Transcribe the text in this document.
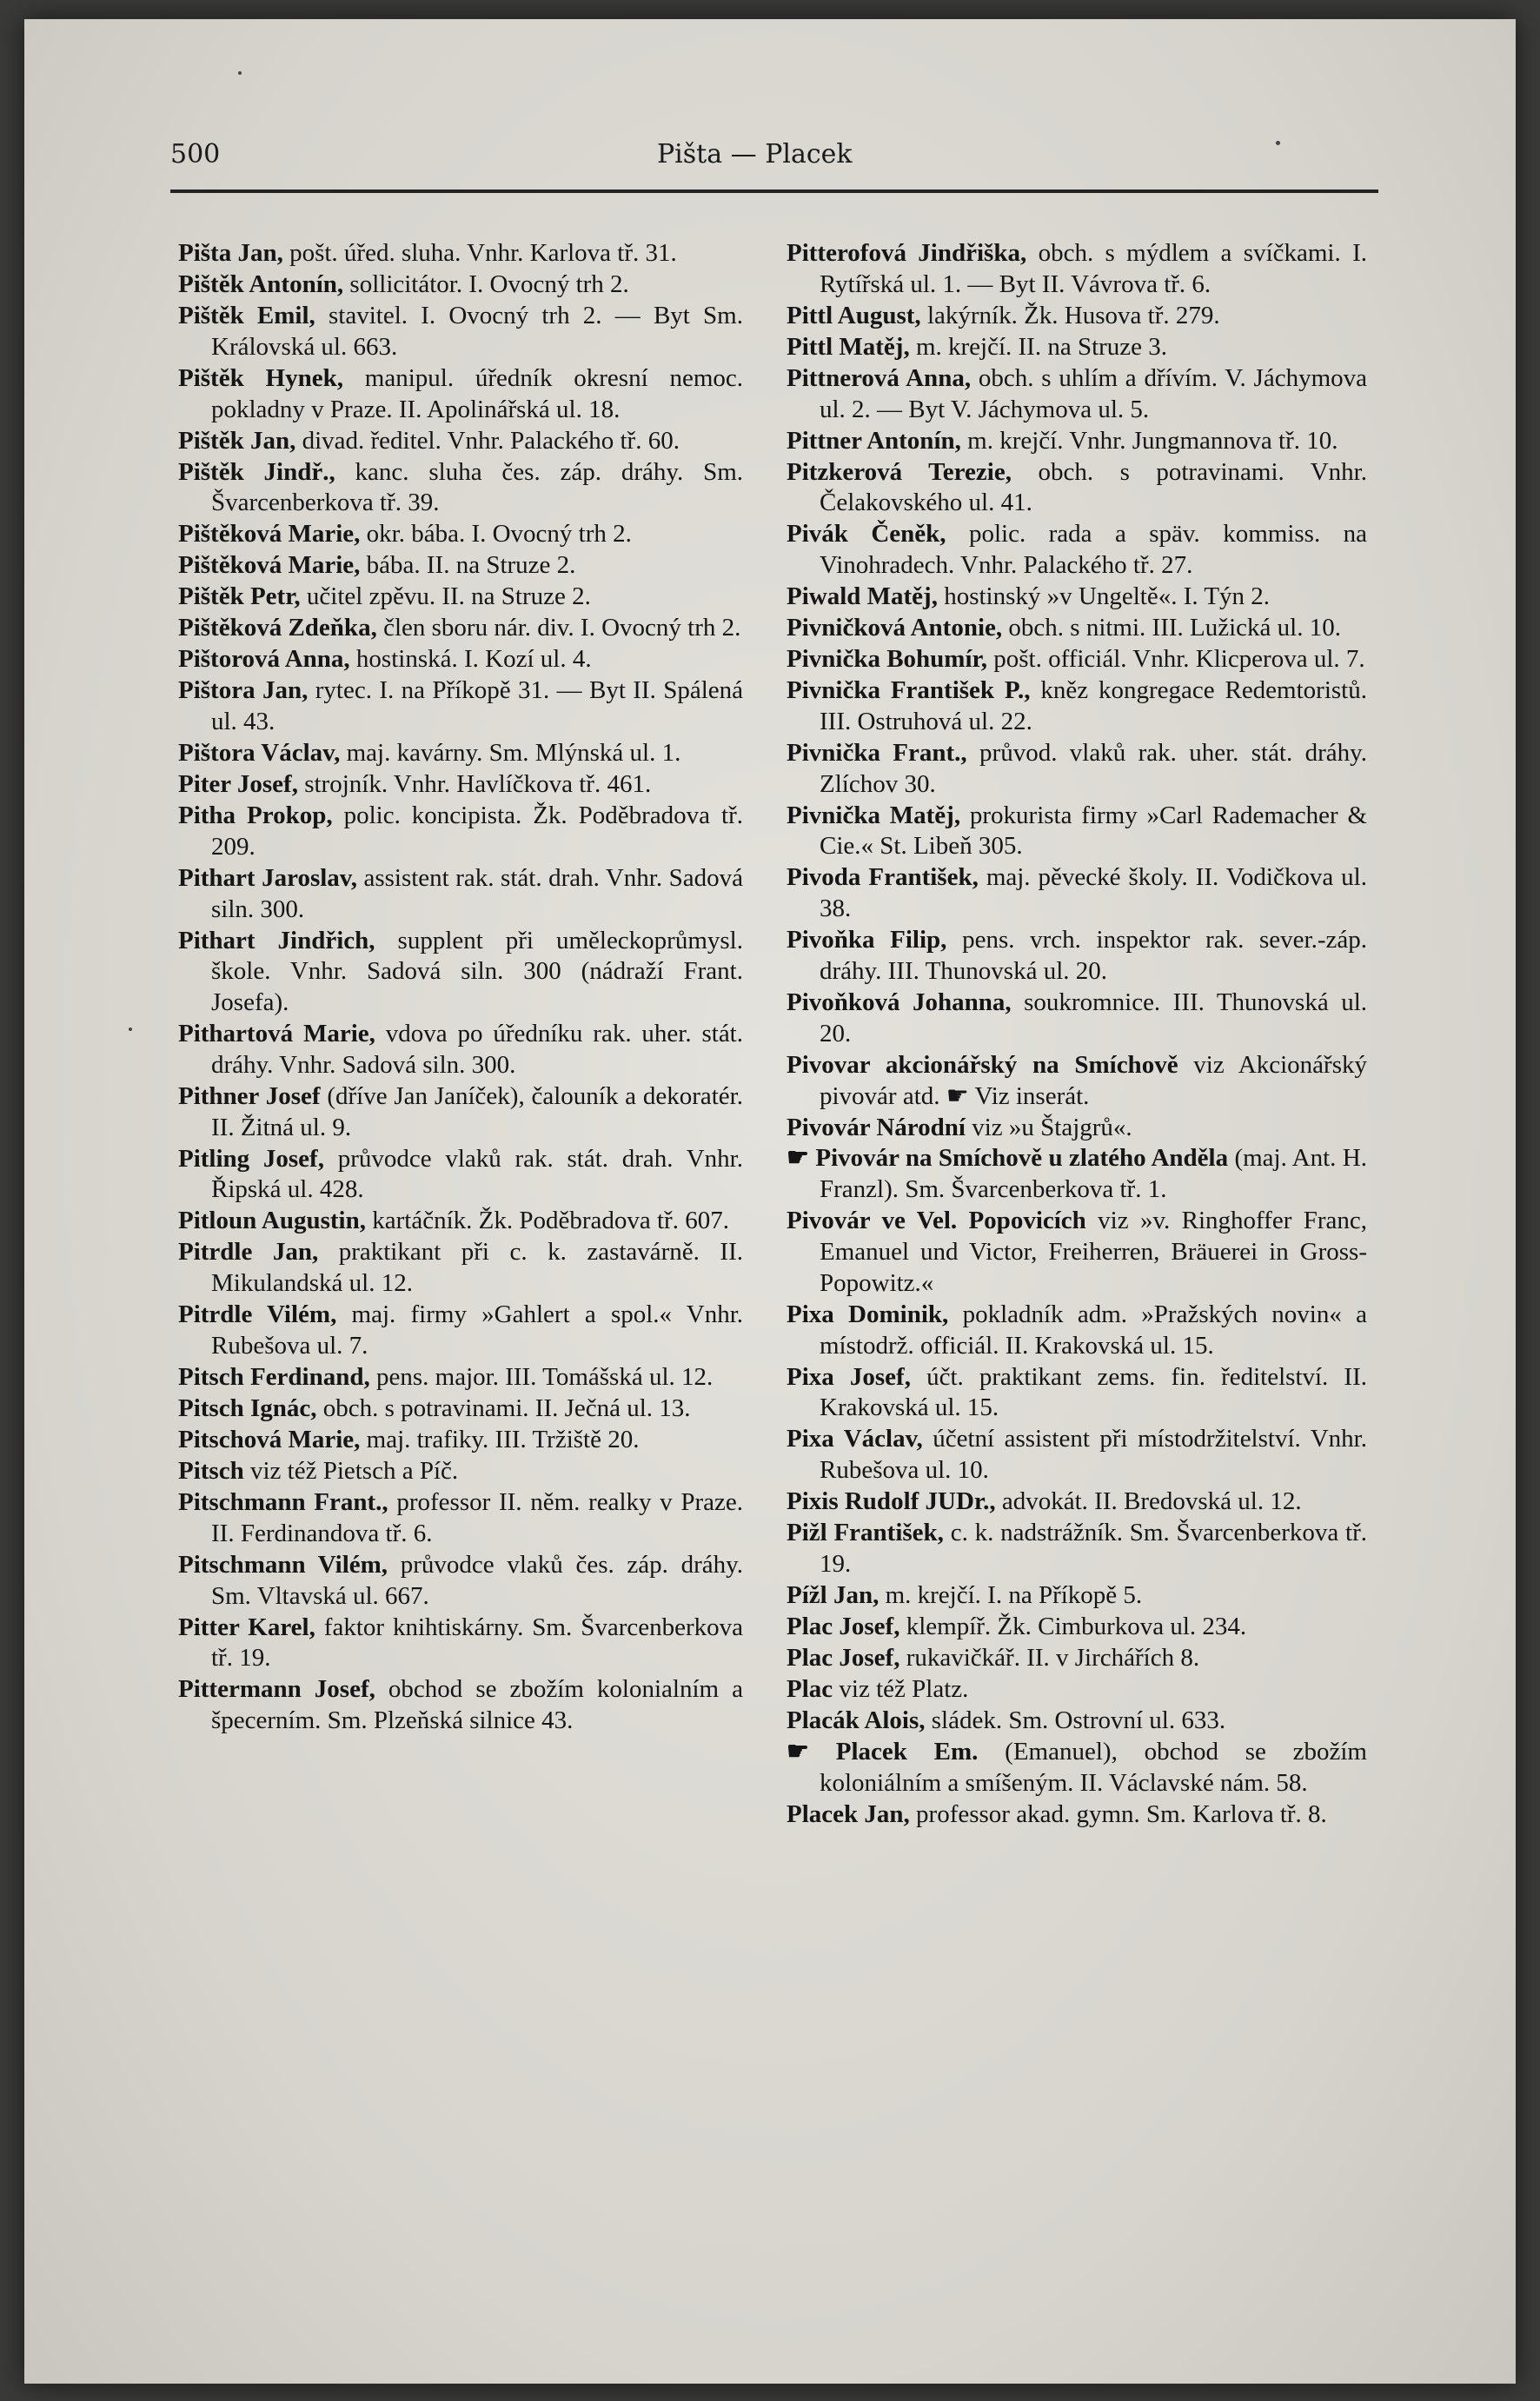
500	Pišta — Placek

Pišta Jan, pošt. úřed. sluha. Vnhr. Karlova tř. 31.

Pištěk Antonín, sollicitátor. I. Ovocný trh 2.

Pištěk Emil, stavitel. I. Ovocný trh 2. — Byt Sm. Královská ul. 663.

Pištěk Hynek, manipul. úředník okresní nemoc. pokladny v Praze. II. Apolinářská ul. 18.

Pištěk Jan, divad. ředitel. Vnhr. Palackého tř. 60.

Pištěk Jindř., kanc. sluha čes. záp. dráhy. Sm. Švarcenberkova tř. 39.

Pištěková Marie, okr. bába. I. Ovocný trh 2.

Pištěková Marie, bába. II. na Struze 2.

Pištěk Petr, učitel zpěvu. II. na Struze 2.

Pištěková Zdeňka, člen sboru nár. div. I. Ovocný trh 2.

Pištorová Anna, hostinská. I. Kozí ul. 4.

Pištora Jan, rytec. I. na Příkopě 31. — Byt II. Spálená ul. 43.

Pištora Václav, maj. kavárny. Sm. Mlýnská ul. 1.

Piter Josef, strojník. Vnhr. Havlíčkova tř. 461.

Pitha Prokop, polic. koncipista. Žk. Poděbradova tř. 209.

Pithart Jaroslav, assistent rak. stát. drah. Vnhr. Sadová siln. 300.

Pithart Jindřich, supplent při uměleckoprůmysl. škole. Vnhr. Sadová siln. 300 (nádraží Frant. Josefa).

Pithartová Marie, vdova po úředníku rak. uher. stát. dráhy. Vnhr. Sadová siln. 300.

Pithner Josef (dříve Jan Janíček), čalouník a dekoratér. II. Žitná ul. 9.

Pitling Josef, průvodce vlaků rak. stát. drah. Vnhr. Řipská ul. 428.

Pitloun Augustin, kartáčník. Žk. Poděbradova tř. 607.

Pitrdle Jan, praktikant při c. k. zastavárně. II. Mikulandská ul. 12.

Pitrdle Vilém, maj. firmy »Gahlert a spol.« Vnhr. Rubešova ul. 7.

Pitsch Ferdinand, pens. major. III. Tomášská ul. 12.

Pitsch Ignác, obch. s potravinami. II. Ječná ul. 13.

Pitschová Marie, maj. trafiky. III. Tržiště 20.

Pitsch viz též Pietsch a Píč.

Pitschmann Frant., professor II. něm. realky v Praze. II. Ferdinandova tř. 6.

Pitschmann Vilém, průvodce vlaků čes. záp. dráhy. Sm. Vltavská ul. 667.

Pitter Karel, faktor knihtiskárny. Sm. Švarcenberkova tř. 19.

Pittermann Josef, obchod se zbožím kolonialním a špecerním. Sm. Plzeňská silnice 43.

Pitterofová Jindřiška, obch. s mýdlem a svíčkami. I. Rytířská ul. 1. — Byt II. Vávrova tř. 6.

Pittl August, lakýrník. Žk. Husova tř. 279.

Pittl Matěj, m. krejčí. II. na Struze 3.

Pittnerová Anna, obch. s uhlím a dřívím. V. Jáchymova ul. 2. — Byt V. Jáchymova ul. 5.

Pittner Antonín, m. krejčí. Vnhr. Jungmannova tř. 10.

Pitzkerová Terezie, obch. s potravinami. Vnhr. Čelakovského ul. 41.

Pivák Čeněk, polic. rada a späv. kommiss. na Vinohradech. Vnhr. Palackého tř. 27.

Piwald Matěj, hostinský »v Ungeltě«. I. Týn 2.

Pivničková Antonie, obch. s nitmi. III. Lužická ul. 10.

Pivnička Bohumír, pošt. officiál. Vnhr. Klicperova ul. 7.

Pivnička František P., kněz kongregace Redemtoristů. III. Ostruhová ul. 22.

Pivnička Frant., průvod. vlaků rak. uher. stát. dráhy. Zlíchov 30.

Pivnička Matěj, prokurista firmy »Carl Rademacher & Cie.« St. Libeň 305.

Pivoda František, maj. pěvecké školy. II. Vodičkova ul. 38.

Pivoňka Filip, pens. vrch. inspektor rak. sever.-záp. dráhy. III. Thunovská ul. 20.

Pivoňková Johanna, soukromnice. III. Thunovská ul. 20.

Pivovar akcionářský na Smíchově viz Akcionářský pivovár atd. ☛ Viz inserát.

Pivovár Národní viz »u Štajgrů«.

☛ Pivovár na Smíchově u zlatého Anděla (maj. Ant. H. Franzl). Sm. Švarcenberkova tř. 1.

Pivovár ve Vel. Popovicích viz »v. Ringhoffer Franc, Emanuel und Victor, Freiherren, Bräuerei in Gross-Popowitz.«

Pixa Dominik, pokladník adm. »Pražských novin« a místodrž. officiál. II. Krakovská ul. 15.

Pixa Josef, účt. praktikant zems. fin. ředitelství. II. Krakovská ul. 15.

Pixa Václav, účetní assistent při místodržitelství. Vnhr. Rubešova ul. 10.

Pixis Rudolf JUDr., advokát. II. Bredovská ul. 12.

Pižl František, c. k. nadstrážník. Sm. Švarcenberkova tř. 19.

Pížl Jan, m. krejčí. I. na Příkopě 5.

Plac Josef, klempíř. Žk. Cimburkova ul. 234.

Plac Josef, rukavičkář. II. v Jirchářích 8.

Plac viz též Platz.

Placák Alois, sládek. Sm. Ostrovní ul. 633.

☛ Placek Em. (Emanuel), obchod se zbožím koloniálním a smíšeným. II. Václavské nám. 58.

Placek Jan, professor akad. gymn. Sm. Karlova tř. 8.
